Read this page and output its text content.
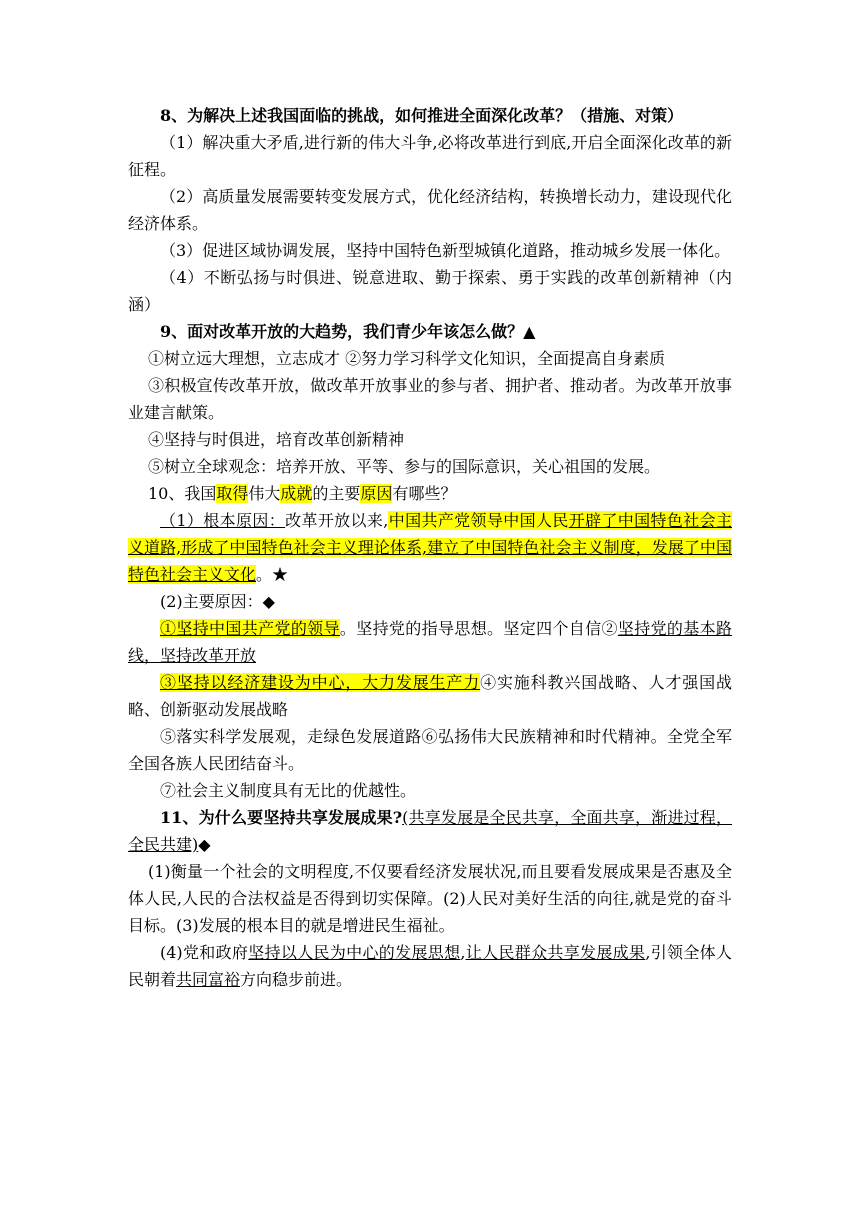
8、为解决上述我国面临的挑战，如何推进全面深化改革？（措施、对策）

（1）解决重大矛盾,进行新的伟大斗争,必将改革进行到底,开启全面深化改革的新征程。

（2）高质量发展需要转变发展方式，优化经济结构，转换增长动力，建设现代化经济体系。

（3）促进区域协调发展，坚持中国特色新型城镇化道路，推动城乡发展一体化。

（4）不断弘扬与时俱进、锐意进取、勤于探索、勇于实践的改革创新精神（内涵）

9、面对改革开放的大趋势，我们青少年该怎么做？▲

①树立远大理想，立志成才 ②努力学习科学文化知识，全面提高自身素质

③积极宣传改革开放，做改革开放事业的参与者、拥护者、推动者。为改革开放事业建言献策。

④坚持与时俱进，培育改革创新精神

⑤树立全球观念：培养开放、平等、参与的国际意识，关心祖国的发展。

10、我国取得伟大成就的主要原因有哪些？

（1）根本原因：改革开放以来,中国共产党领导中国人民开辟了中国特色社会主义道路,形成了中国特色社会主义理论体系,建立了中国特色社会主义制度，发展了中国特色社会主义文化。★

(2)主要原因：◆

①坚持中国共产党的领导。坚持党的指导思想。坚定四个自信②坚持党的基本路线，坚持改革开放

③坚持以经济建设为中心，大力发展生产力④实施科教兴国战略、人才强国战略、创新驱动发展战略

⑤落实科学发展观，走绿色发展道路⑥弘扬伟大民族精神和时代精神。全党全军全国各族人民团结奋斗。

⑦社会主义制度具有无比的优越性。

11、为什么要坚持共享发展成果?(共享发展是全民共享，全面共享，渐进过程，全民共建)◆

(1)衡量一个社会的文明程度,不仅要看经济发展状况,而且要看发展成果是否惠及全体人民,人民的合法权益是否得到切实保障。(2)人民对美好生活的向往,就是党的奋斗目标。(3)发展的根本目的就是增进民生福祉。

(4)党和政府坚持以人民为中心的发展思想,让人民群众共享发展成果,引领全体人民朝着共同富裕方向稳步前进。
